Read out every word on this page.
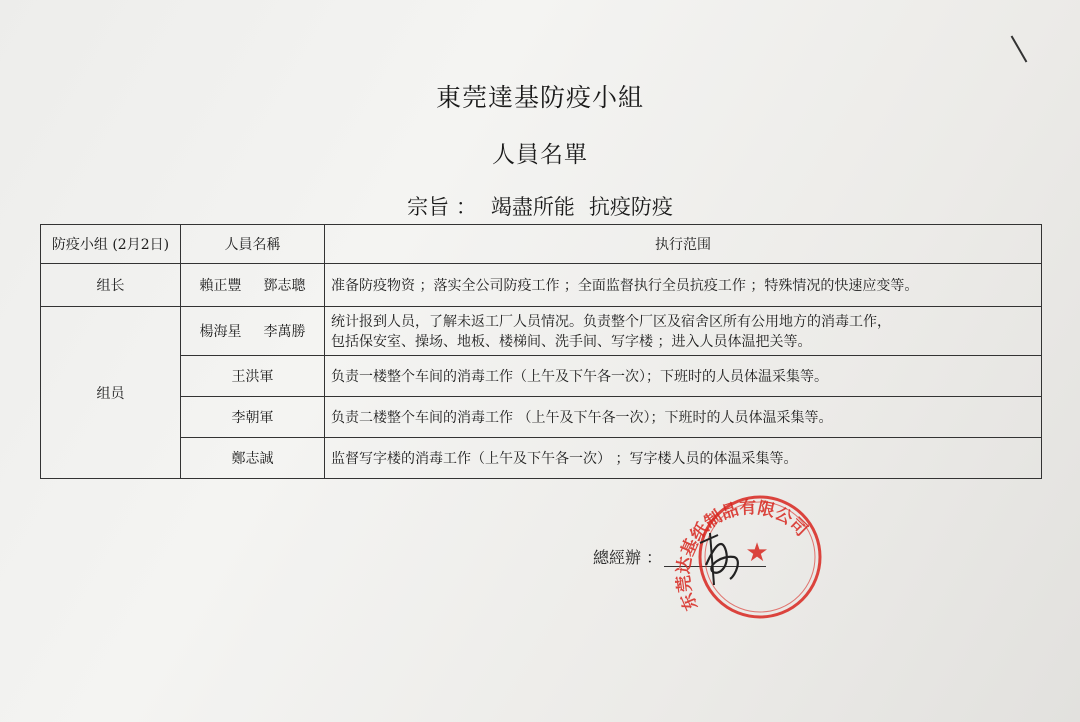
東莞達基防疫小組
人員名單
宗旨 ： 竭盡所能 抗疫防疫
防疫小组 (2月2日)	人員名稱	执行范围
组长	賴正豐 鄧志聰	准备防疫物资 ；落实全公司防疫工作 ；全面监督执行全员抗疫工作 ；特殊情况的快速应变等。
组员	楊海星 李萬勝	统计报到人员，了解未返工厂人员情况。负责整个厂区及宿舍区所有公用地方的消毒工作，
包括保安室、操场、地板、楼梯间、洗手间、写字楼 ；进入人员体温把关等。

	王洪軍	负责一楼整个车间的消毒工作（上午及下午各一次）；下班时的人员体温采集等。
	李朝軍	负责二楼整个车间的消毒工作 （上午及下午各一次）；下班时的人员体温采集等。
	鄭志誠	监督写字楼的消毒工作（上午及下午各一次） ；写字楼人员的体温采集等。
總經辦 ：
东莞达基纸制品有限公司
★
